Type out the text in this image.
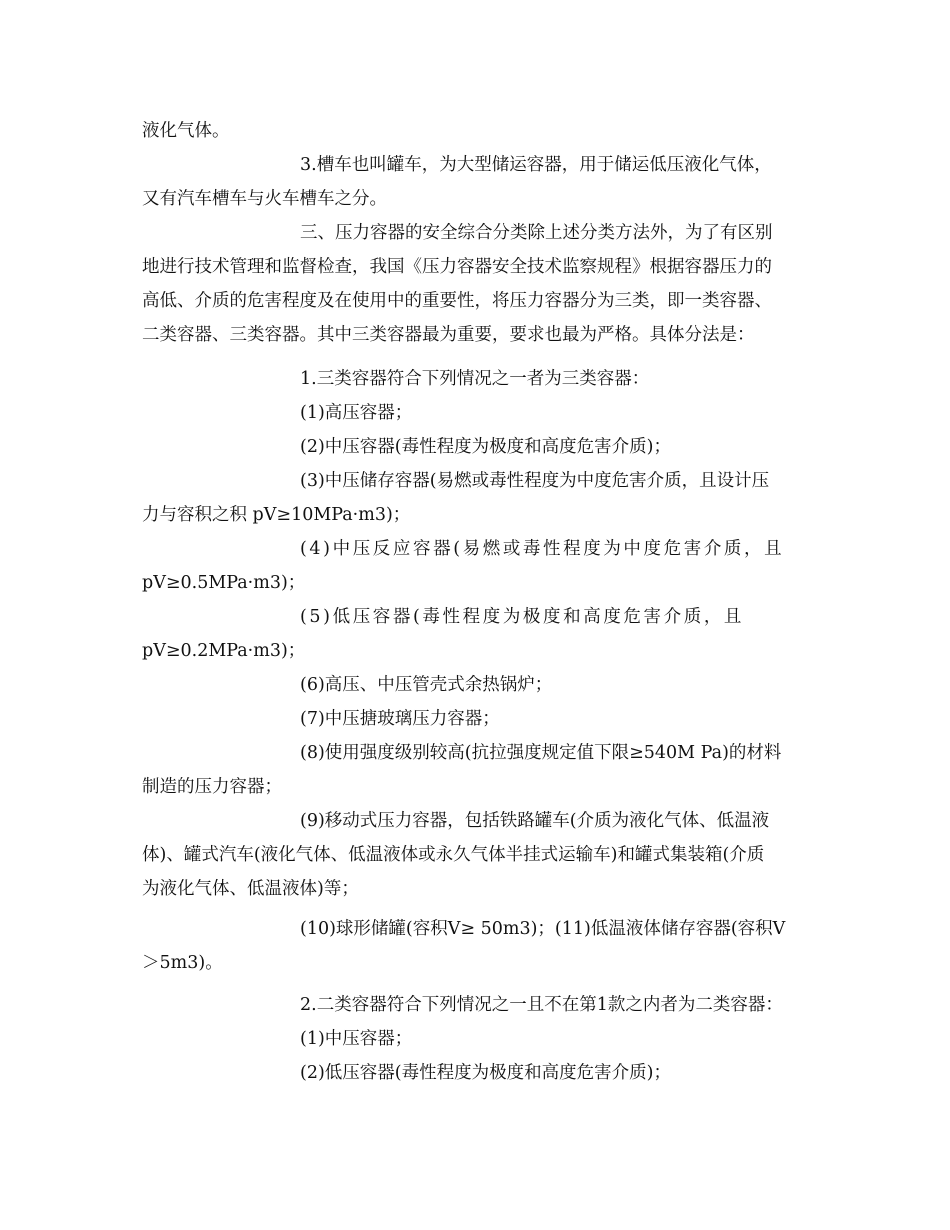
液化气体。
3.槽车也叫罐车，为大型储运容器，用于储运低压液化气体，
又有汽车槽车与火车槽车之分。
三、压力容器的安全综合分类除上述分类方法外，为了有区别
地进行技术管理和监督检查，我国《压力容器安全技术监察规程》根据容器压力的
高低、介质的危害程度及在使用中的重要性，将压力容器分为三类，即一类容器、
二类容器、三类容器。其中三类容器最为重要，要求也最为严格。具体分法是：
1.三类容器符合下列情况之一者为三类容器：
(1)高压容器；
(2)中压容器(毒性程度为极度和高度危害介质)；
(3)中压储存容器(易燃或毒性程度为中度危害介质，且设计压
力与容积之积 pV≥10MPa·m3)；
(4)中压反应容器(易燃或毒性程度为中度危害介质，且
pV≥0.5MPa·m3)；
(5)低压容器(毒性程度为极度和高度危害介质，且
pV≥0.2MPa·m3)；
(6)高压、中压管壳式余热锅炉；
(7)中压搪玻璃压力容器；
(8)使用强度级别较高(抗拉强度规定值下限≥540M Pa)的材料
制造的压力容器；
(9)移动式压力容器，包括铁路罐车(介质为液化气体、低温液
体)、罐式汽车(液化气体、低温液体或永久气体半挂式运输车)和罐式集装箱(介质
为液化气体、低温液体)等；
(10)球形储罐(容积V≥ 50m3)；(11)低温液体储存容器(容积V
＞5m3)。
2.二类容器符合下列情况之一且不在第1款之内者为二类容器：
(1)中压容器；
(2)低压容器(毒性程度为极度和高度危害介质)；
